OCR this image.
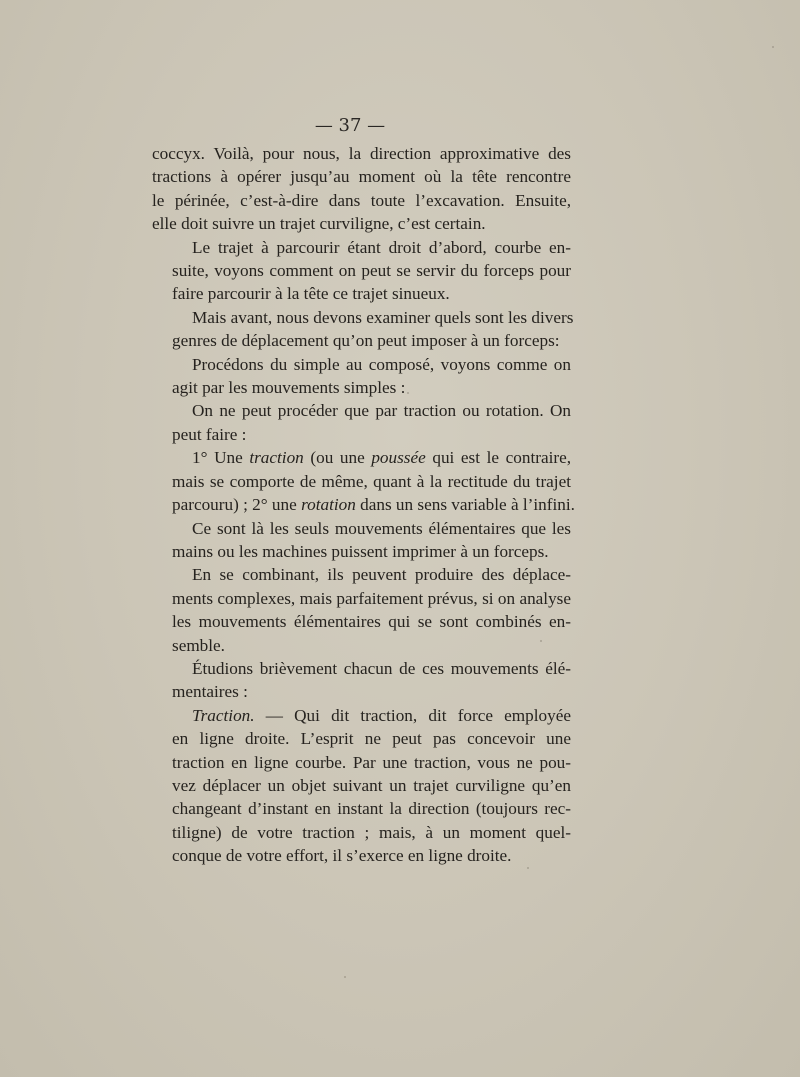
— 37 —

coccyx. Voilà, pour nous, la direction approximative des
tractions à opérer jusqu’au moment où la tête rencontre
le périnée, c’est-à-dire dans toute l’excavation. Ensuite,
elle doit suivre un trajet curviligne, c’est certain.

Le trajet à parcourir étant droit d’abord, courbe en-
suite, voyons comment on peut se servir du forceps pour
faire parcourir à la tête ce trajet sinueux.

Mais avant, nous devons examiner quels sont les divers
genres de déplacement qu’on peut imposer à un forceps:

Procédons du simple au composé, voyons comme on
agit par les mouvements simples :

On ne peut procéder que par traction ou rotation. On
peut faire :

1° Une traction (ou une poussée qui est le contraire,
mais se comporte de même, quant à la rectitude du trajet
parcouru) ; 2° une rotation dans un sens variable à l’infini.

Ce sont là les seuls mouvements élémentaires que les
mains ou les machines puissent imprimer à un forceps.

En se combinant, ils peuvent produire des déplace-
ments complexes, mais parfaitement prévus, si on analyse
les mouvements élémentaires qui se sont combinés en-
semble.

Étudions brièvement chacun de ces mouvements élé-
mentaires :

Traction. — Qui dit traction, dit force employée
en ligne droite. L’esprit ne peut pas concevoir une
traction en ligne courbe. Par une traction, vous ne pou-
vez déplacer un objet suivant un trajet curviligne qu’en
changeant d’instant en instant la direction (toujours rec-
tiligne) de votre traction ; mais, à un moment quel-
conque de votre effort, il s’exerce en ligne droite.
